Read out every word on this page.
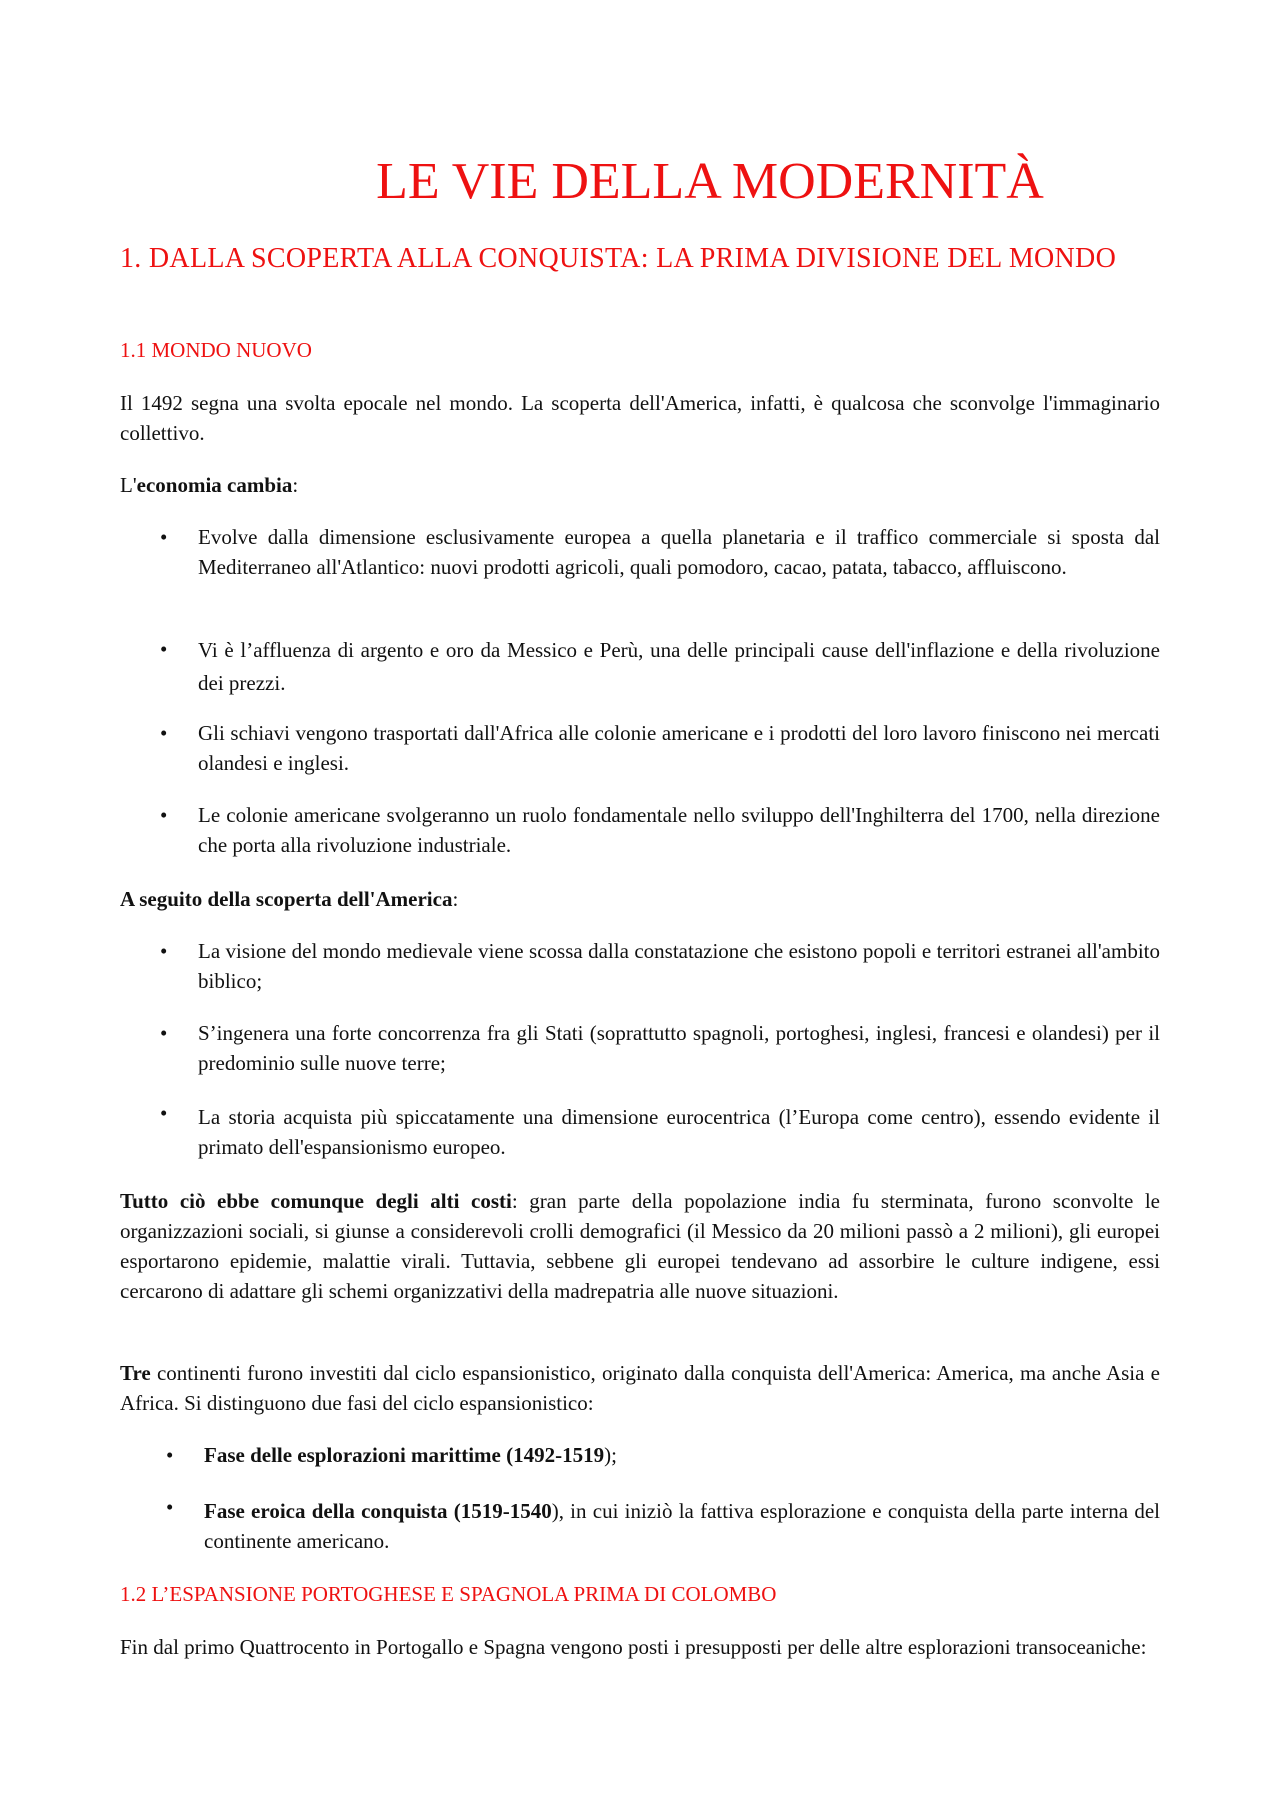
LE VIE DELLA MODERNITÀ
1. DALLA SCOPERTA ALLA CONQUISTA: LA PRIMA DIVISIONE DEL MONDO
1.1 MONDO NUOVO
Il 1492 segna una svolta epocale nel mondo. La scoperta dell'America, infatti, è qualcosa che sconvolge l'immaginario collettivo.
L'economia cambia:
• Evolve dalla dimensione esclusivamente europea a quella planetaria e il traffico commerciale si sposta dal Mediterraneo all'Atlantico: nuovi prodotti agricoli, quali pomodoro, cacao, patata, tabacco, affluiscono.
• Vi è l’affluenza di argento e oro da Messico e Perù, una delle principali cause dell'inflazione e della rivoluzione dei prezzi.
• Gli schiavi vengono trasportati dall'Africa alle colonie americane e i prodotti del loro lavoro finiscono nei mercati olandesi e inglesi.
• Le colonie americane svolgeranno un ruolo fondamentale nello sviluppo dell'Inghilterra del 1700, nella direzione che porta alla rivoluzione industriale.
A seguito della scoperta dell'America:
• La visione del mondo medievale viene scossa dalla constatazione che esistono popoli e territori estranei all'ambito biblico;
• S’ingenera una forte concorrenza fra gli Stati (soprattutto spagnoli, portoghesi, inglesi, francesi e olandesi) per il predominio sulle nuove terre;
• La storia acquista più spiccatamente una dimensione eurocentrica (l’Europa come centro), essendo evidente il primato dell'espansionismo europeo.
Tutto ciò ebbe comunque degli alti costi: gran parte della popolazione india fu sterminata, furono sconvolte le organizzazioni sociali, si giunse a considerevoli crolli demografici (il Messico da 20 milioni passò a 2 milioni), gli europei esportarono epidemie, malattie virali. Tuttavia, sebbene gli europei tendevano ad assorbire le culture indigene, essi cercarono di adattare gli schemi organizzativi della madrepatria alle nuove situazioni.
Tre continenti furono investiti dal ciclo espansionistico, originato dalla conquista dell'America: America, ma anche Asia e Africa. Si distinguono due fasi del ciclo espansionistico:
• Fase delle esplorazioni marittime (1492-1519);
• Fase eroica della conquista (1519-1540), in cui iniziò la fattiva esplorazione e conquista della parte interna del continente americano.
1.2 L’ESPANSIONE PORTOGHESE E SPAGNOLA PRIMA DI COLOMBO
Fin dal primo Quattrocento in Portogallo e Spagna vengono posti i presupposti per delle altre esplorazioni transoceaniche:
